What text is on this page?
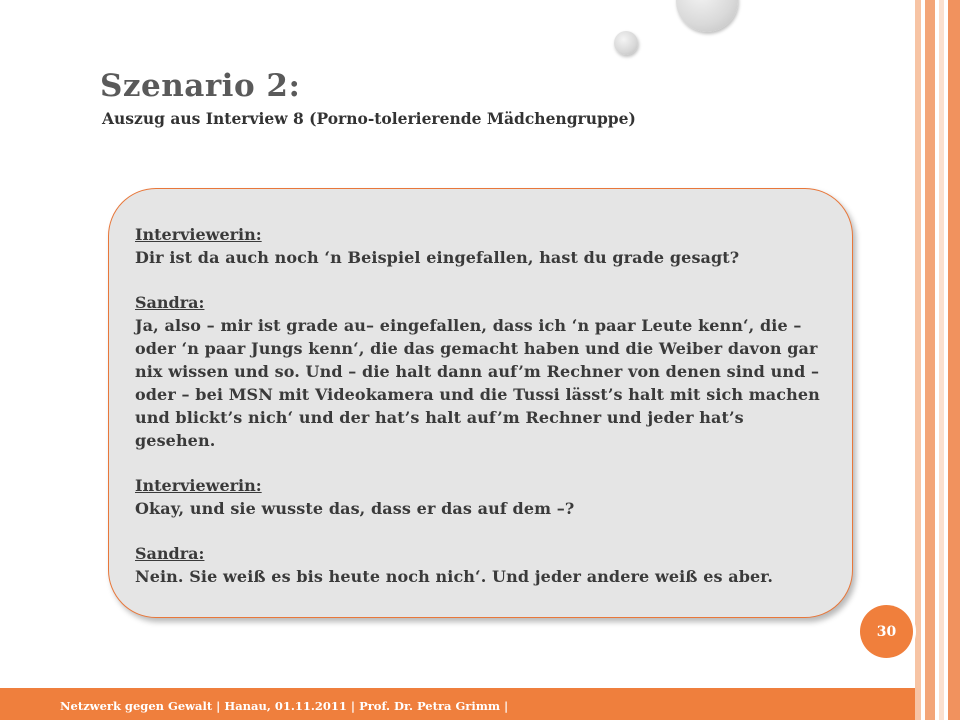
Szenario 2:

Auszug aus Interview 8 (Porno-tolerierende Mädchengruppe)

Interviewerin:
Dir ist da auch noch ‘n Beispiel eingefallen, hast du grade gesagt?
Sandra:
Ja, also – mir ist grade au– eingefallen, dass ich ‘n paar Leute kenn‘, die – oder ‘n paar Jungs kenn‘, die das gemacht haben und die Weiber davon gar nix wissen und so. Und – die halt dann auf’m Rechner von denen sind und – oder – bei MSN mit Videokamera und die Tussi lässt’s halt mit sich machen und blickt’s nich‘ und der hat’s halt auf’m Rechner und jeder hat’s gesehen.
Interviewerin:
Okay, und sie wusste das, dass er das auf dem –?
Sandra:
Nein. Sie weiß es bis heute noch nich‘. Und jeder andere weiß es aber.
30

Netzwerk gegen Gewalt | Hanau, 01.11.2011 | Prof. Dr. Petra Grimm |
